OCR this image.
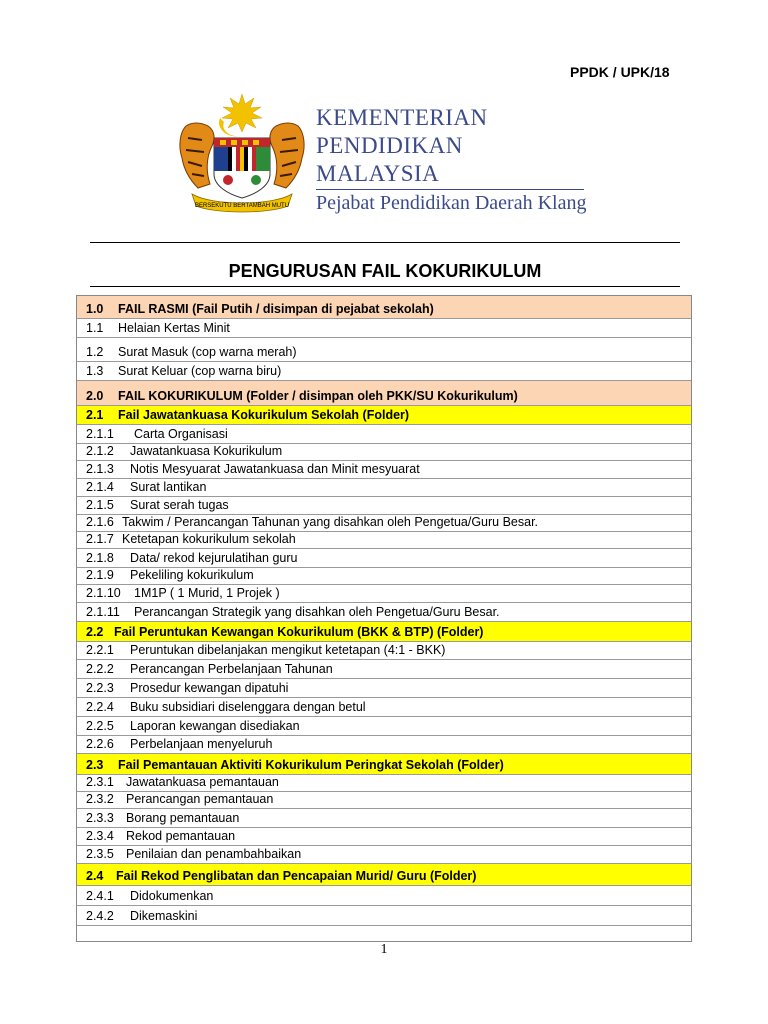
PPDK / UPK/18
BERSEKUTU BERTAMBAH MUTU
KEMENTERIAN
PENDIDIKAN
MALAYSIA
Pejabat Pendidikan Daerah Klang
PENGURUSAN FAIL KOKURIKULUM
1.0	FAIL RASMI (Fail Putih / disimpan di pejabat sekolah)
1.1	Helaian Kertas Minit
1.2	Surat Masuk (cop warna merah)
1.3	Surat Keluar (cop warna biru)
2.0	FAIL KOKURIKULUM (Folder / disimpan oleh PKK/SU Kokurikulum)
2.1	Fail Jawatankuasa Kokurikulum Sekolah (Folder)
2.1.1	Carta Organisasi
2.1.2	Jawatankuasa Kokurikulum
2.1.3	Notis Mesyuarat Jawatankuasa dan Minit mesyuarat
2.1.4	Surat lantikan
2.1.5	Surat serah tugas
2.1.6 Takwim / Perancangan Tahunan yang disahkan oleh Pengetua/Guru Besar.
2.1.7 Ketetapan kokurikulum sekolah
2.1.8	Data/ rekod kejurulatihan guru
2.1.9	Pekeliling kokurikulum
2.1.10	1M1P ( 1 Murid, 1 Projek )
2.1.11	Perancangan Strategik yang disahkan oleh Pengetua/Guru Besar.
2.2 Fail Peruntukan Kewangan Kokurikulum (BKK & BTP) (Folder)
2.2.1	Peruntukan dibelanjakan mengikut ketetapan (4:1 - BKK)
2.2.2	Perancangan Perbelanjaan Tahunan
2.2.3	Prosedur kewangan dipatuhi
2.2.4	Buku subsidiari diselenggara dengan betul
2.2.5	Laporan kewangan disediakan
2.2.6	Perbelanjaan menyeluruh
2.3	Fail Pemantauan Aktiviti Kokurikulum Peringkat Sekolah (Folder)
2.3.1 Jawatankuasa pemantauan
2.3.2 Perancangan pemantauan
2.3.3 Borang pemantauan
2.3.4 Rekod pemantauan
2.3.5 Penilaian dan penambahbaikan
2.4	Fail Rekod Penglibatan dan Pencapaian Murid/ Guru (Folder)
2.4.1	Didokumenkan
2.4.2	Dikemaskini
1
